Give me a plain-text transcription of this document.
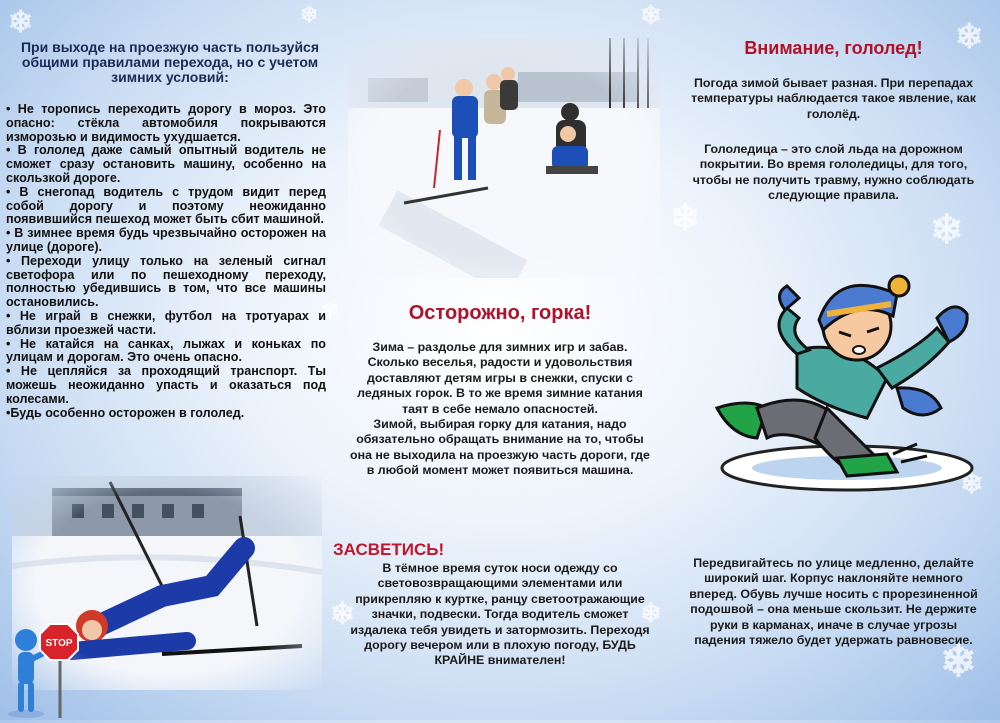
❄	❄	❄
❄
❄	❄
❄
❄
❄
❄
❄
При выходе на проезжую часть пользуйся общими правилами перехода, но с учетом зимних условий:

• Не торопись переходить дорогу в мороз. Это опасно: стёкла автомобиля покрываются изморозью и видимость ухудшается.

• В гололед даже самый опытный водитель не сможет сразу остановить машину, особенно на скользкой дороге.

• В снегопад водитель с трудом видит перед собой дорогу и поэтому неожиданно появившийся пешеход может быть сбит машиной.

• В зимнее время будь чрезвычайно осторожен на улице (дороге).

• Переходи улицу только на зеленый сигнал светофора или по пешеходному переходу, полностью убедившись в том, что все машины остановились.

• Не играй в снежки, футбол на тротуарах и вблизи проезжей части.

• Не катайся на санках, лыжах и коньках по улицам и дорогам. Это очень опасно.

• Не цепляйся за проходящий транспорт. Ты можешь неожиданно упасть и оказаться под колесами.

•Будь особенно осторожен в гололед.

STOP
Осторожно, горка!

Зима – раздолье для зимних игр и забав. Сколько веселья, радости и удовольствия доставляют детям игры в снежки, спуски с ледяных горок. В то же время зимние катания таят в себе немало опасностей.

Зимой, выбирая горку для катания, надо обязательно обращать внимание на то, чтобы она не выходила на проезжую часть дороги, где в любой момент может появиться машина.

ЗАСВЕТИСЬ!
В тёмное время суток носи одежду со световозвращающими элементами или прикрепляю к куртке, ранцу светоотражающие значки, подвески. Тогда водитель сможет издалека тебя увидеть и затормозить. Переходя дорогу вечером или в плохую погоду, БУДЬ КРАЙНЕ внимателен!
Внимание, гололед!
Погода зимой бывает разная. При перепадах температуры наблюдается такое явление, как гололёд.
Гололедица – это слой льда на дорожном покрытии. Во время гололедицы, для того, чтобы не получить травму, нужно соблюдать следующие правила.
Передвигайтесь по улице медленно, делайте широкий шаг. Корпус наклоняйте немного вперед. Обувь лучше носить с прорезиненной подошвой – она меньше скользит. Не держите руки в карманах, иначе в случае угрозы падения тяжело будет удержать равновесие.
